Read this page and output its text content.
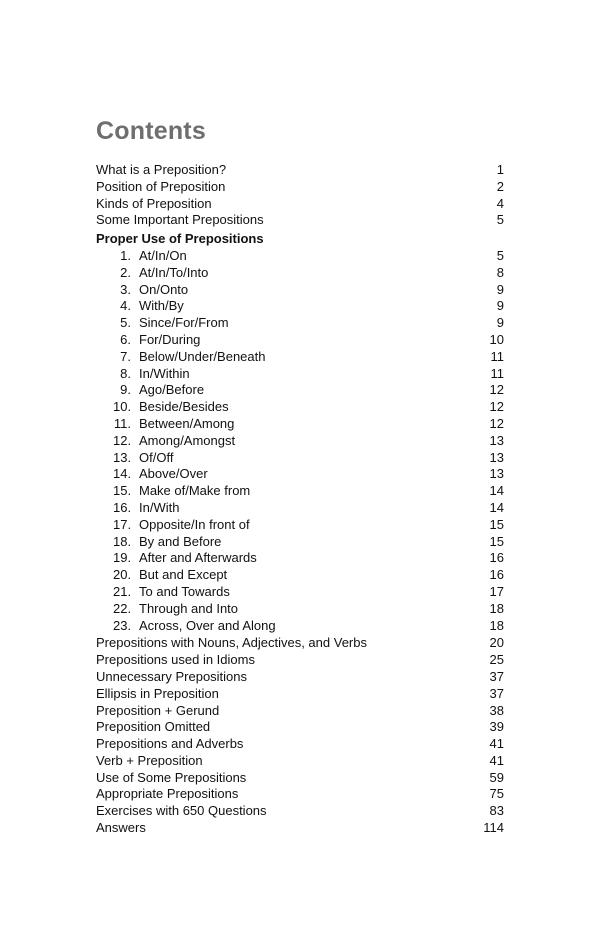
Contents
What is a Preposition?	1
Position of Preposition	2
Kinds of Preposition	4
Some Important Prepositions	5
Proper Use of Prepositions
1. At/In/On	5
2. At/In/To/Into	8
3. On/Onto	9
4. With/By	9
5. Since/For/From	9
6. For/During	10
7. Below/Under/Beneath	11
8. In/Within	11
9. Ago/Before	12
10. Beside/Besides	12
11. Between/Among	12
12. Among/Amongst	13
13. Of/Off	13
14. Above/Over	13
15. Make of/Make from	14
16. In/With	14
17. Opposite/In front of	15
18. By and Before	15
19. After and Afterwards	16
20. But and Except	16
21. To and Towards	17
22. Through and Into	18
23. Across, Over and Along	18
Prepositions with Nouns, Adjectives, and Verbs	20
Prepositions used in Idioms	25
Unnecessary Prepositions	37
Ellipsis in Preposition	37
Preposition + Gerund	38
Preposition Omitted	39
Prepositions and Adverbs	41
Verb + Preposition	41
Use of Some Prepositions	59
Appropriate Prepositions	75
Exercises with 650 Questions	83
Answers	114
